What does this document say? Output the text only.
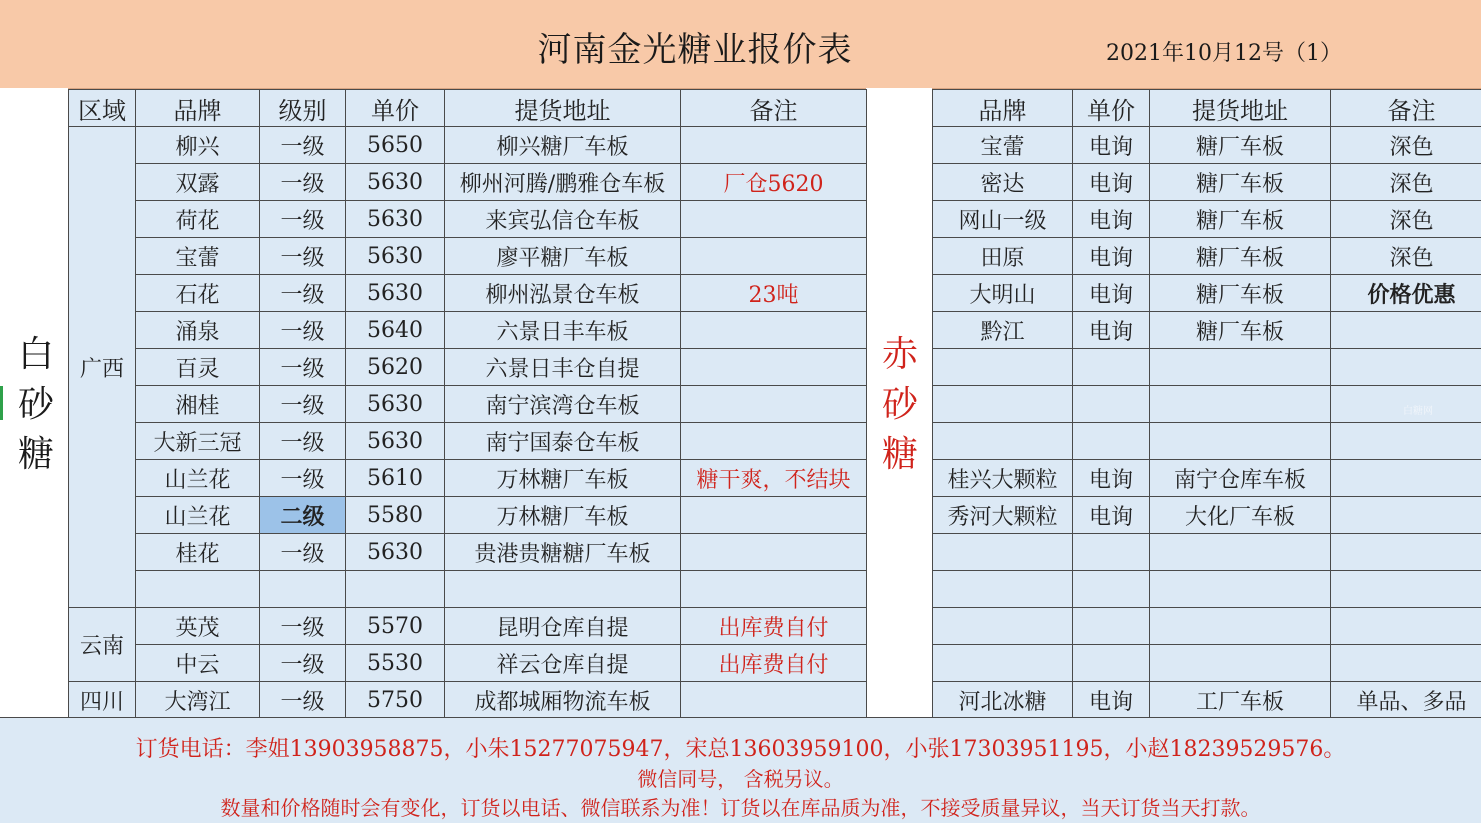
河南金光糖业报价表	2021年10月12号（1）
白砂糖
赤砂糖
区域	品牌	级别	单价	提货地址	备注
广西	柳兴	一级	5650	柳兴糖厂车板	
	双露	一级	5630	柳州河腾/鹏雅仓车板	厂仓5620
	荷花	一级	5630	来宾弘信仓车板	
	宝蕾	一级	5630	廖平糖厂车板	
	石花	一级	5630	柳州泓景仓车板	23吨
	涌泉	一级	5640	六景日丰车板	
	百灵	一级	5620	六景日丰仓自提	
	湘桂	一级	5630	南宁滨湾仓车板	
	大新三冠	一级	5630	南宁国泰仓车板	
	山兰花	一级	5610	万林糖厂车板	糖干爽，不结块
	山兰花	二级	5580	万林糖厂车板	
	桂花	一级	5630	贵港贵糖糖厂车板	

云南	英茂	一级	5570	昆明仓库自提	出库费自付
	中云	一级	5530	祥云仓库自提	出库费自付
四川	大湾江	一级	5750	成都城厢物流车板	
品牌	单价	提货地址	备注
宝蕾	电询	糖厂车板	深色
密达	电询	糖厂车板	深色
网山一级	电询	糖厂车板	深色
田原	电询	糖厂车板	深色
大明山	电询	糖厂车板	价格优惠
黔江	电询	糖厂车板	

桂兴大颗粒	电询	南宁仓库车板	
秀河大颗粒	电询	大化厂车板	

河北冰糖	电询	工厂车板	单品、多品
白糖网
订货电话：李姐13903958875，小朱15277075947，宋总13603959100，小张17303951195，小赵18239529576。
微信同号， 含税另议。
数量和价格随时会有变化，订货以电话、微信联系为准！订货以在库品质为准，不接受质量异议，当天订货当天打款。
